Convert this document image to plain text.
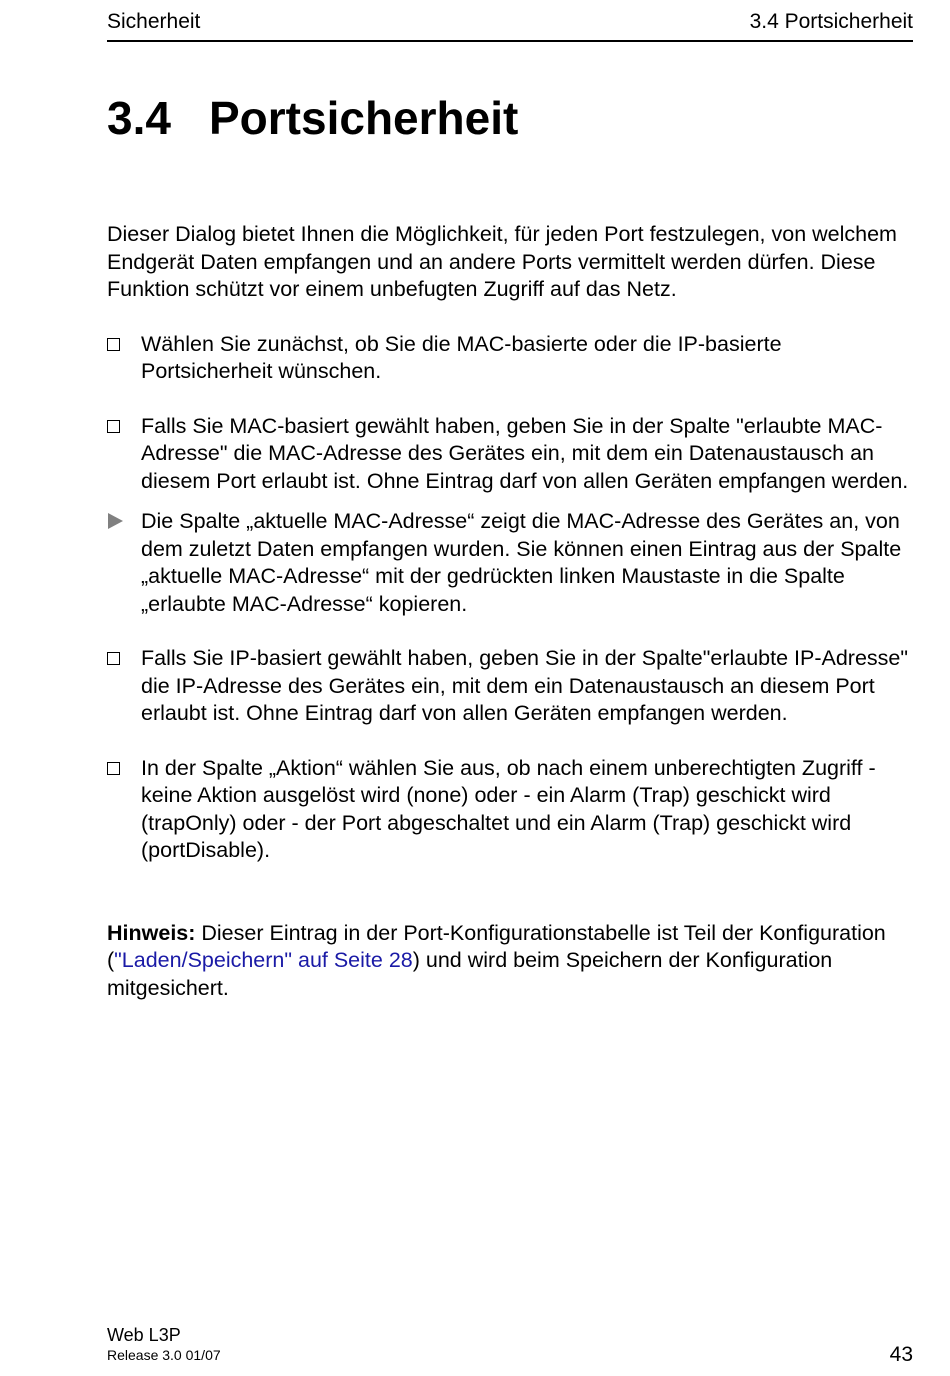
Sicherheit	3.4 Portsicherheit
3.4 Portsicherheit

Dieser Dialog bietet Ihnen die Möglichkeit, für jeden Port festzulegen, von welchem Endgerät Daten empfangen und an andere Ports vermittelt werden dürfen. Diese Funktion schützt vor einem unbefugten Zugriff auf das Netz.

Wählen Sie zunächst, ob Sie die MAC-basierte oder die IP-basierte Portsicherheit wünschen.
Falls Sie MAC-basiert gewählt haben, geben Sie in der Spalte "erlaubte MAC-Adresse" die MAC-Adresse des Gerätes ein, mit dem ein Datenaustausch an diesem Port erlaubt ist. Ohne Eintrag darf von allen Geräten empfangen werden.
Die Spalte „aktuelle MAC-Adresse“ zeigt die MAC-Adresse des Gerätes an, von dem zuletzt Daten empfangen wurden. Sie können einen Eintrag aus der Spalte „aktuelle MAC-Adresse“ mit der gedrückten linken Maustaste in die Spalte „erlaubte MAC-Adresse“ kopieren.
Falls Sie IP-basiert gewählt haben, geben Sie in der Spalte"erlaubte IP-Adresse" die IP-Adresse des Gerätes ein, mit dem ein Datenaustausch an diesem Port erlaubt ist. Ohne Eintrag darf von allen Geräten empfangen werden.
In der Spalte „Aktion“ wählen Sie aus, ob nach einem unberechtigten Zugriff - keine Aktion ausgelöst wird (none) oder - ein Alarm (Trap) geschickt wird (trapOnly) oder - der Port abgeschaltet und ein Alarm (Trap) geschickt wird (portDisable).

Hinweis: Dieser Eintrag in der Port-Konfigurationstabelle ist Teil der Konfiguration ("Laden/Speichern" auf Seite 28) und wird beim Speichern der Konfiguration mitgesichert.

Web L3P
Release 3.0 01/07	43
